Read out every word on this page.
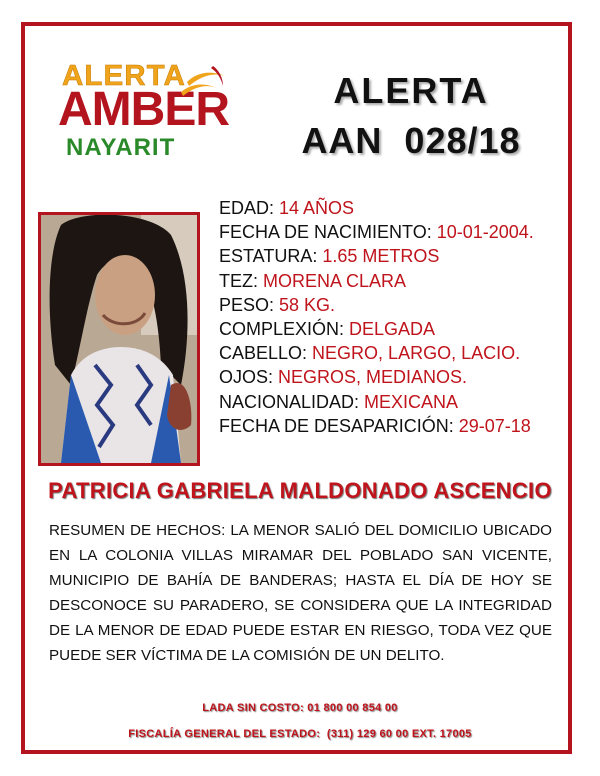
ALERTA
AMBER
NAYARIT
ALERTA
AAN  028/18
EDAD: 14 AÑOS
FECHA DE NACIMIENTO: 10-01-2004.
ESTATURA: 1.65 METROS
TEZ: MORENA CLARA
PESO: 58 KG.
COMPLEXIÓN: DELGADA
CABELLO: NEGRO, LARGO, LACIO.
OJOS: NEGROS, MEDIANOS.
NACIONALIDAD: MEXICANA
FECHA DE DESAPARICIÓN: 29-07-18
PATRICIA GABRIELA MALDONADO ASCENCIO
RESUMEN DE HECHOS: LA MENOR SALIÓ DEL DOMICILIO UBICADO EN LA COLONIA VILLAS MIRAMAR DEL POBLADO SAN VICENTE, MUNICIPIO DE BAHÍA DE BANDERAS; HASTA EL DÍA DE HOY SE DESCONOCE SU PARADERO, SE CONSIDERA QUE LA INTEGRIDAD DE LA MENOR DE EDAD PUEDE ESTAR EN RIESGO, TODA VEZ QUE PUEDE SER VÍCTIMA DE LA COMISIÓN DE UN DELITO.
LADA SIN COSTO: 01 800 00 854 00
FISCALÍA GENERAL DEL ESTADO:  (311) 129 60 00 EXT. 17005
